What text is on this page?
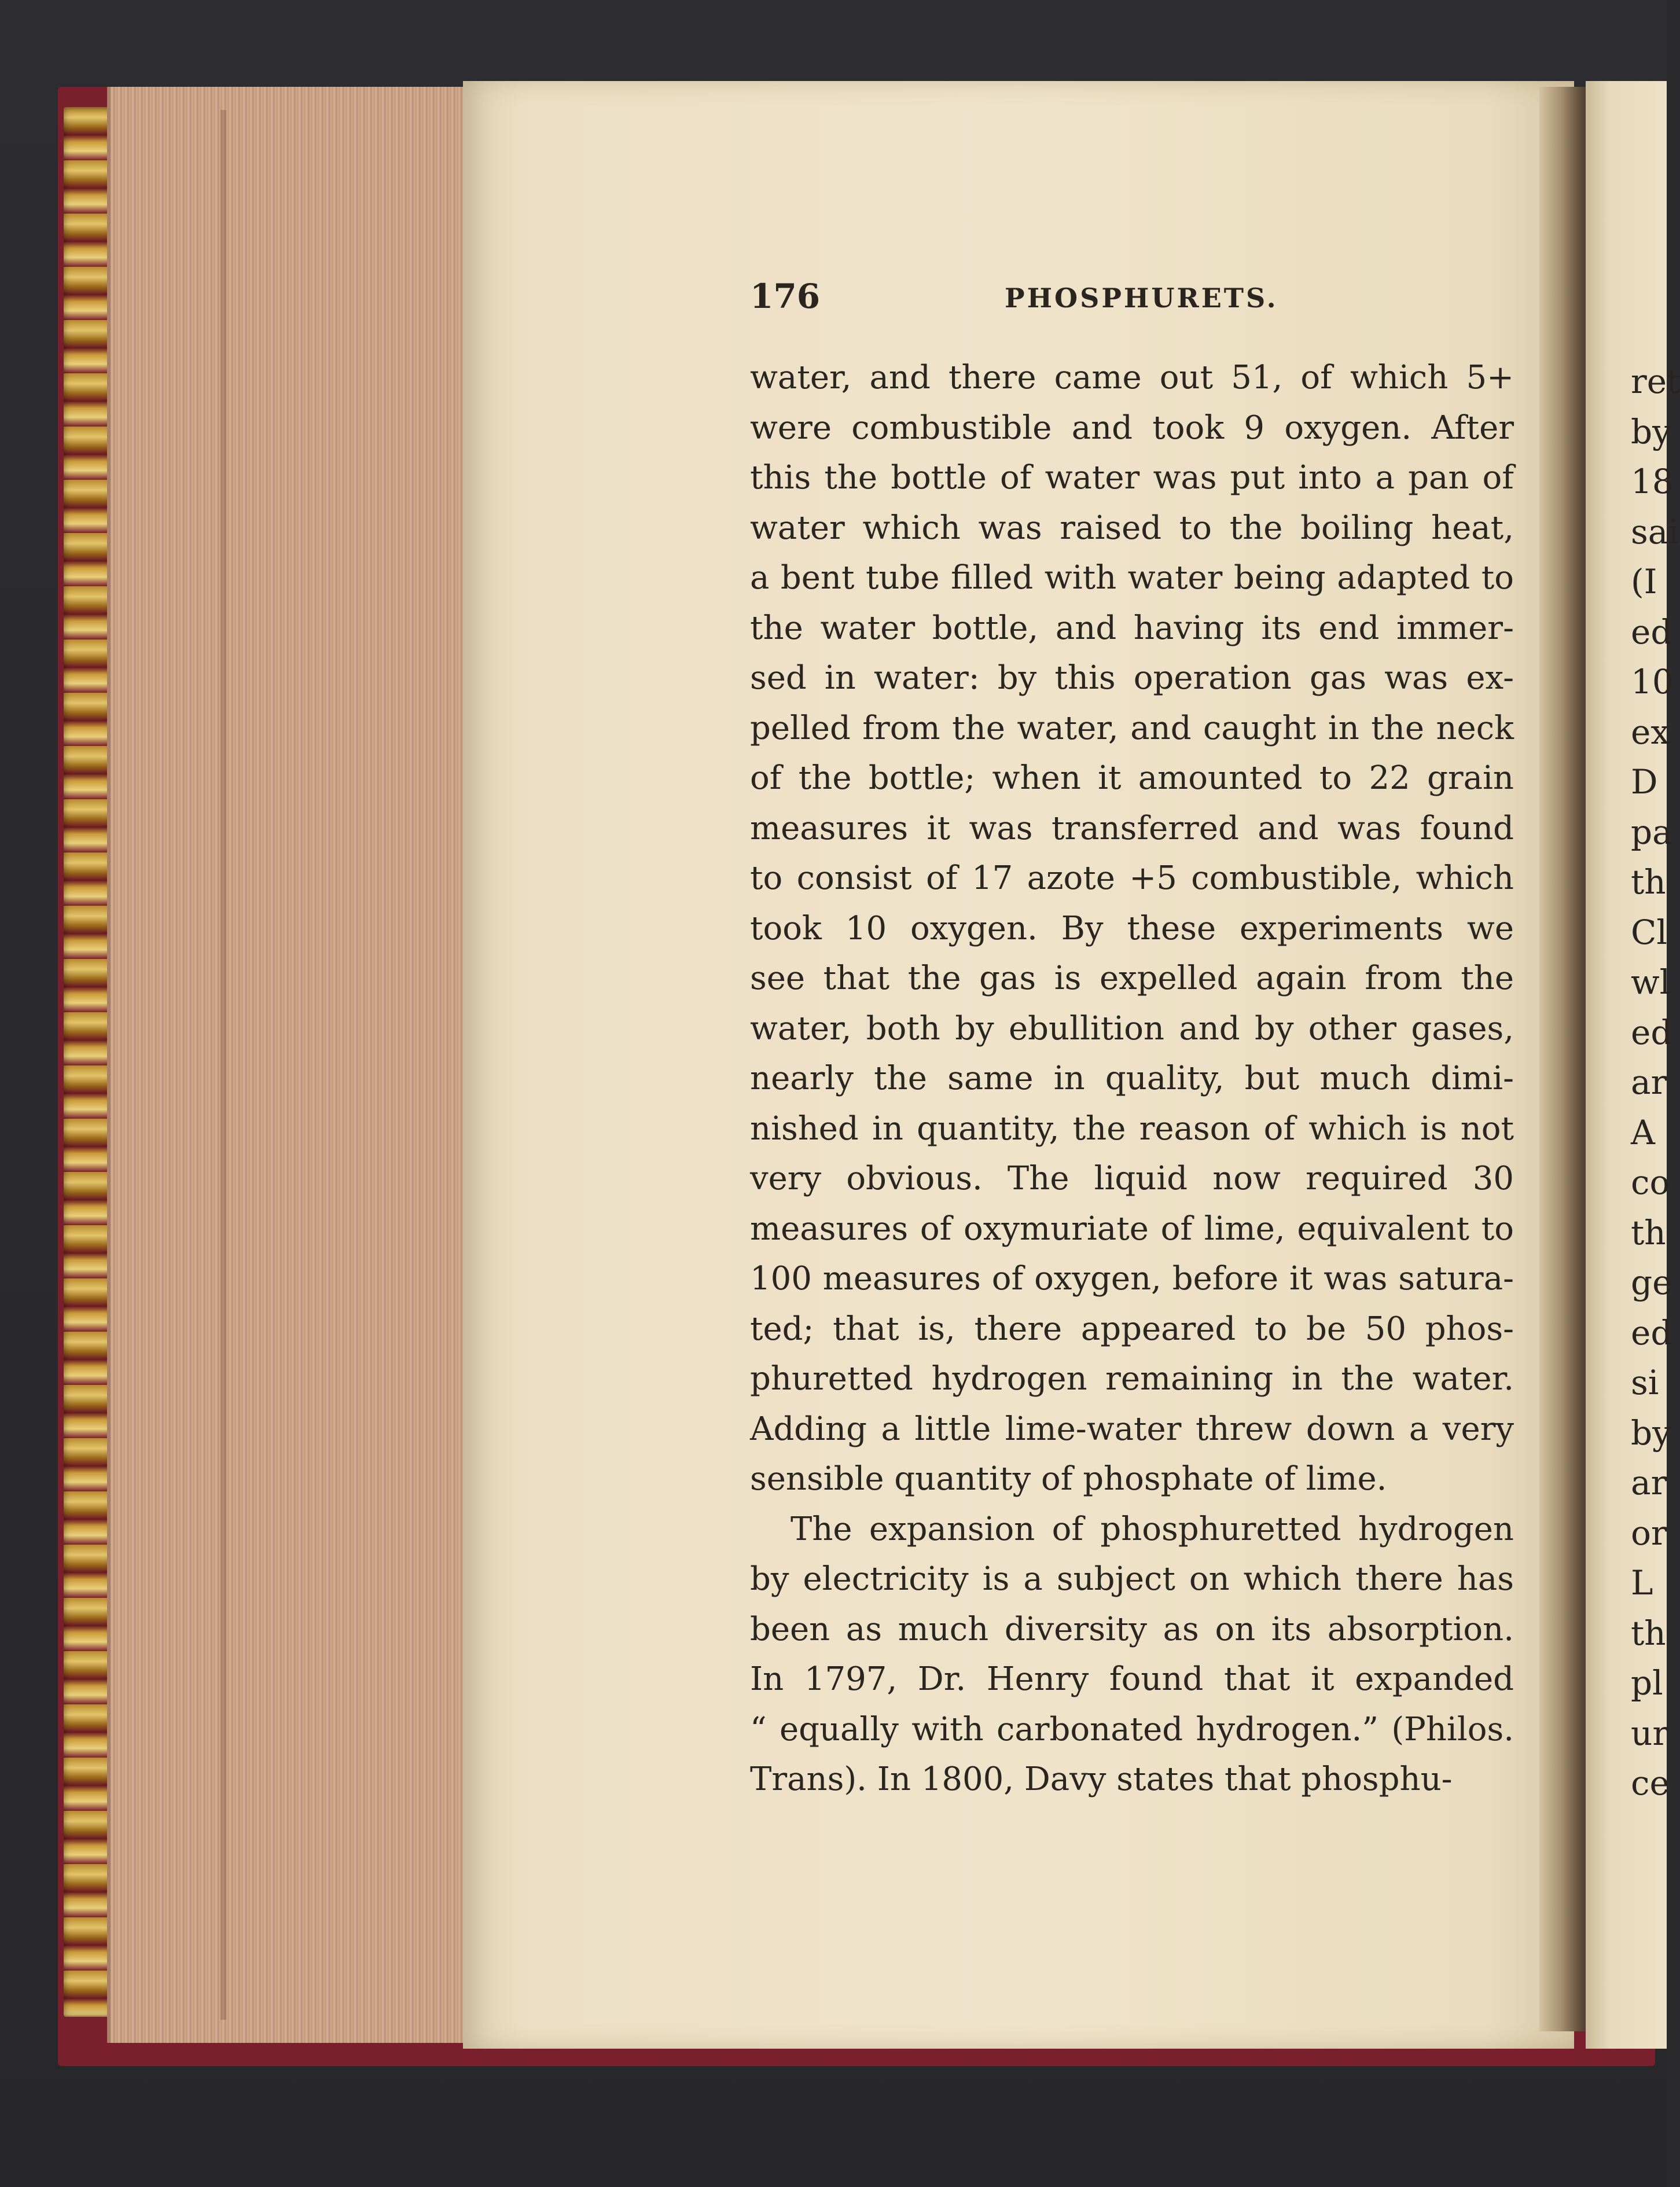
176	PHOSPHURETS.
water, and there came out 51, of which 5+
were combustible and took 9 oxygen. After
this the bottle of water was put into a pan of
water which was raised to the boiling heat,
a bent tube filled with water being adapted to
the water bottle, and having its end immer-
sed in water: by this operation gas was ex-
pelled from the water, and caught in the neck
of the bottle; when it amounted to 22 grain
measures it was transferred and was found
to consist of 17 azote +5 combustible, which
took 10 oxygen. By these experiments we
see that the gas is expelled again from the
water, both by ebullition and by other gases,
nearly the same in quality, but much dimi-
nished in quantity, the reason of which is not
very obvious. The liquid now required 30
measures of oxymuriate of lime, equivalent to
100 measures of oxygen, before it was satura-
ted; that is, there appeared to be 50 phos-
phuretted hydrogen remaining in the water.
Adding a little lime-water threw down a very
sensible quantity of phosphate of lime.
The expansion of phosphuretted hydrogen
by electricity is a subject on which there has
been as much diversity as on its absorption.
In 1797, Dr. Henry found that it expanded
“ equally with carbonated hydrogen.” (Philos.
Trans). In 1800, Davy states that phosphu-
ret
by
18
sai
(I
ed
10
ex
D
pa
th
Cl
wl
ed
ar
A
co
th
ge
ed
si
by
ar
or
L
th
pl
ur
ce
